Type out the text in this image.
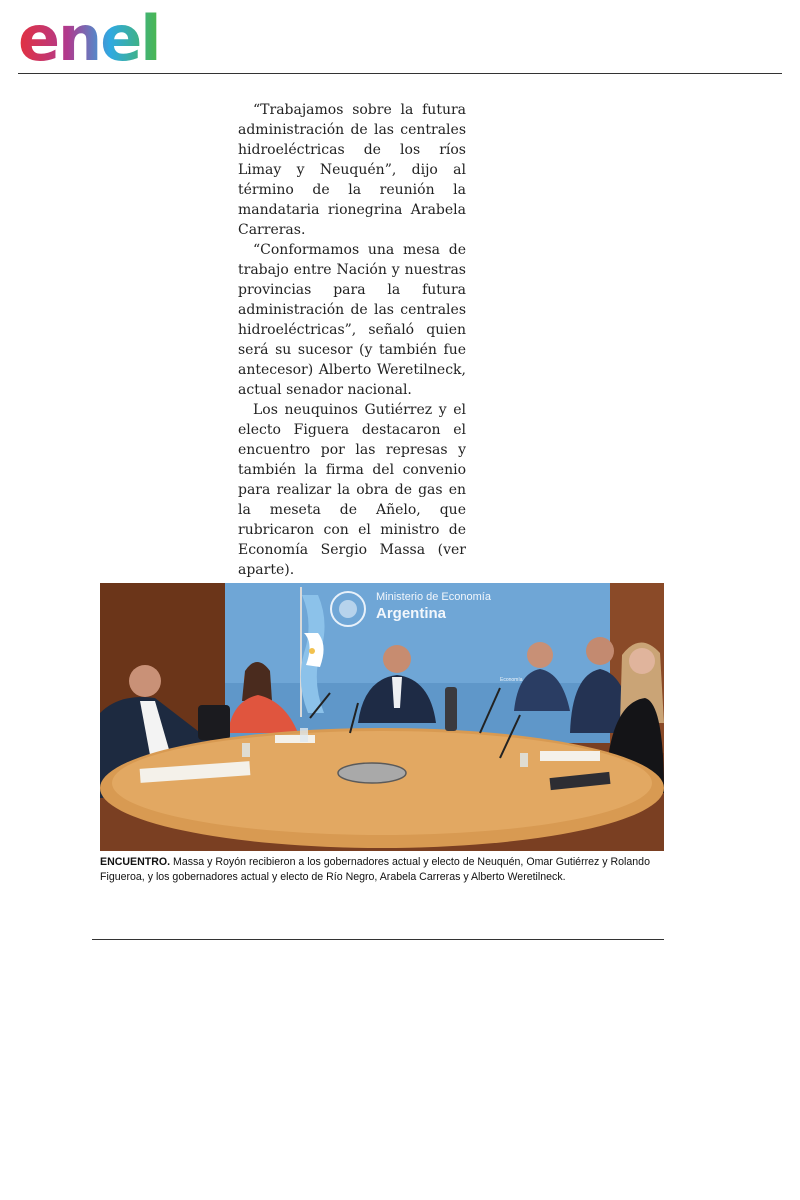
enel

“Trabajamos sobre la futura administración de las centrales hidroeléctricas de los ríos Limay y Neuquén”, dijo al término de la reunión la mandataria rionegrina Arabela Carreras.

“Conformamos una mesa de trabajo entre Nación y nuestras provincias para la futura administración de las centrales hidroeléctricas”, señaló quien será su sucesor (y también fue antecesor) Alberto Weretilneck, actual senador nacional.

Los neuquinos Gutiérrez y el electo Figuera destacaron el encuentro por las represas y también la firma del convenio para realizar la obra de gas en la meseta de Añelo, que rubricaron con el ministro de Economía Sergio Massa (ver aparte).

Ministerio de Economía
Argentina
Economía
ENCUENTRO. Massa y Royón recibieron a los gobernadores actual y electo de Neuquén, Omar Gutiérrez y Rolando Figueroa, y los gobernadores actual y electo de Río Negro, Arabela Carreras y Alberto Weretilneck.
